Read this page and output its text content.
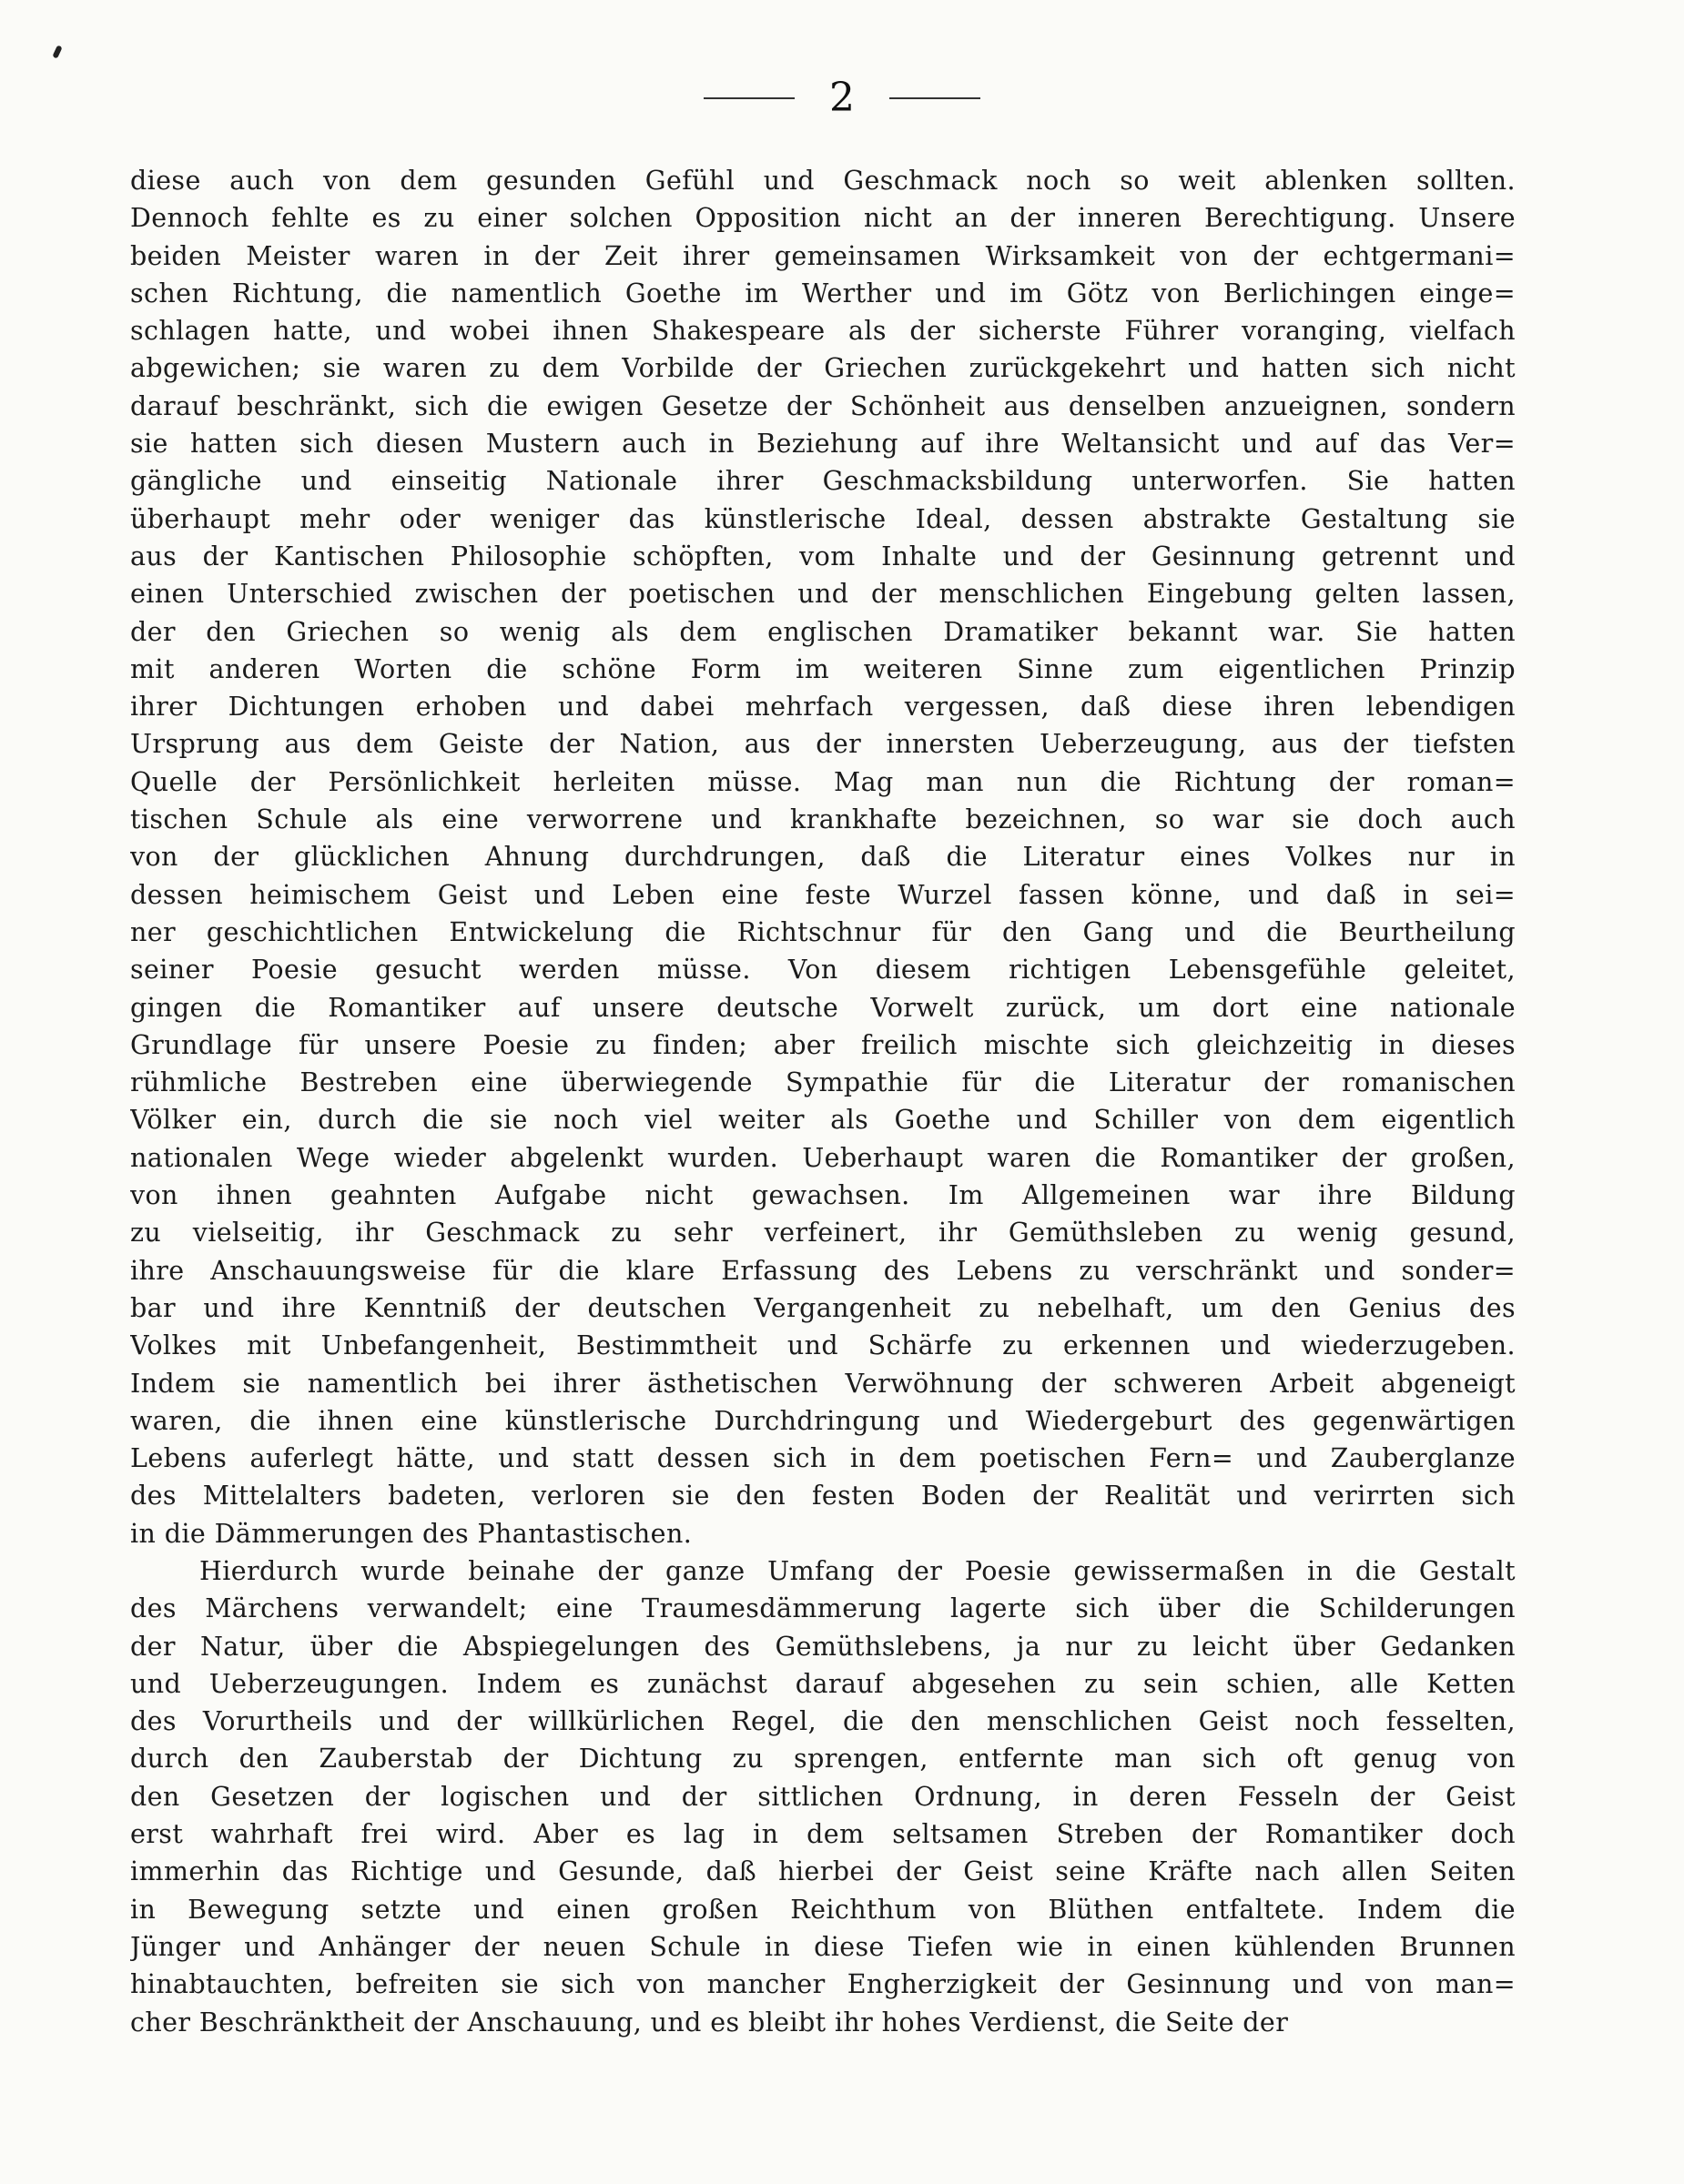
2
diese auch von dem gesunden Gefühl und Geschmack noch so weit ablenken sollten.
Dennoch fehlte es zu einer solchen Opposition nicht an der inneren Berechtigung. Unsere
beiden Meister waren in der Zeit ihrer gemeinsamen Wirksamkeit von der echtgermani=
schen Richtung, die namentlich Goethe im Werther und im Götz von Berlichingen einge=
schlagen hatte, und wobei ihnen Shakespeare als der sicherste Führer voranging, vielfach
abgewichen; sie waren zu dem Vorbilde der Griechen zurückgekehrt und hatten sich nicht
darauf beschränkt, sich die ewigen Gesetze der Schönheit aus denselben anzueignen, sondern
sie hatten sich diesen Mustern auch in Beziehung auf ihre Weltansicht und auf das Ver=
gängliche und einseitig Nationale ihrer Geschmacksbildung unterworfen. Sie hatten
überhaupt mehr oder weniger das künstlerische Ideal, dessen abstrakte Gestaltung sie
aus der Kantischen Philosophie schöpften, vom Inhalte und der Gesinnung getrennt und
einen Unterschied zwischen der poetischen und der menschlichen Eingebung gelten lassen,
der den Griechen so wenig als dem englischen Dramatiker bekannt war. Sie hatten
mit anderen Worten die schöne Form im weiteren Sinne zum eigentlichen Prinzip
ihrer Dichtungen erhoben und dabei mehrfach vergessen, daß diese ihren lebendigen
Ursprung aus dem Geiste der Nation, aus der innersten Ueberzeugung, aus der tiefsten
Quelle der Persönlichkeit herleiten müsse. Mag man nun die Richtung der roman=
tischen Schule als eine verworrene und krankhafte bezeichnen, so war sie doch auch
von der glücklichen Ahnung durchdrungen, daß die Literatur eines Volkes nur in
dessen heimischem Geist und Leben eine feste Wurzel fassen könne, und daß in sei=
ner geschichtlichen Entwickelung die Richtschnur für den Gang und die Beurtheilung
seiner Poesie gesucht werden müsse. Von diesem richtigen Lebensgefühle geleitet,
gingen die Romantiker auf unsere deutsche Vorwelt zurück, um dort eine nationale
Grundlage für unsere Poesie zu finden; aber freilich mischte sich gleichzeitig in dieses
rühmliche Bestreben eine überwiegende Sympathie für die Literatur der romanischen
Völker ein, durch die sie noch viel weiter als Goethe und Schiller von dem eigentlich
nationalen Wege wieder abgelenkt wurden. Ueberhaupt waren die Romantiker der großen,
von ihnen geahnten Aufgabe nicht gewachsen. Im Allgemeinen war ihre Bildung
zu vielseitig, ihr Geschmack zu sehr verfeinert, ihr Gemüthsleben zu wenig gesund,
ihre Anschauungsweise für die klare Erfassung des Lebens zu verschränkt und sonder=
bar und ihre Kenntniß der deutschen Vergangenheit zu nebelhaft, um den Genius des
Volkes mit Unbefangenheit, Bestimmtheit und Schärfe zu erkennen und wiederzugeben.
Indem sie namentlich bei ihrer ästhetischen Verwöhnung der schweren Arbeit abgeneigt
waren, die ihnen eine künstlerische Durchdringung und Wiedergeburt des gegenwärtigen
Lebens auferlegt hätte, und statt dessen sich in dem poetischen Fern= und Zauberglanze
des Mittelalters badeten, verloren sie den festen Boden der Realität und verirrten sich
in die Dämmerungen des Phantastischen.
Hierdurch wurde beinahe der ganze Umfang der Poesie gewissermaßen in die Gestalt
des Märchens verwandelt; eine Traumesdämmerung lagerte sich über die Schilderungen
der Natur, über die Abspiegelungen des Gemüthslebens, ja nur zu leicht über Gedanken
und Ueberzeugungen. Indem es zunächst darauf abgesehen zu sein schien, alle Ketten
des Vorurtheils und der willkürlichen Regel, die den menschlichen Geist noch fesselten,
durch den Zauberstab der Dichtung zu sprengen, entfernte man sich oft genug von
den Gesetzen der logischen und der sittlichen Ordnung, in deren Fesseln der Geist
erst wahrhaft frei wird. Aber es lag in dem seltsamen Streben der Romantiker doch
immerhin das Richtige und Gesunde, daß hierbei der Geist seine Kräfte nach allen Seiten
in Bewegung setzte und einen großen Reichthum von Blüthen entfaltete. Indem die
Jünger und Anhänger der neuen Schule in diese Tiefen wie in einen kühlenden Brunnen
hinabtauchten, befreiten sie sich von mancher Engherzigkeit der Gesinnung und von man=
cher Beschränktheit der Anschauung, und es bleibt ihr hohes Verdienst, die Seite der
